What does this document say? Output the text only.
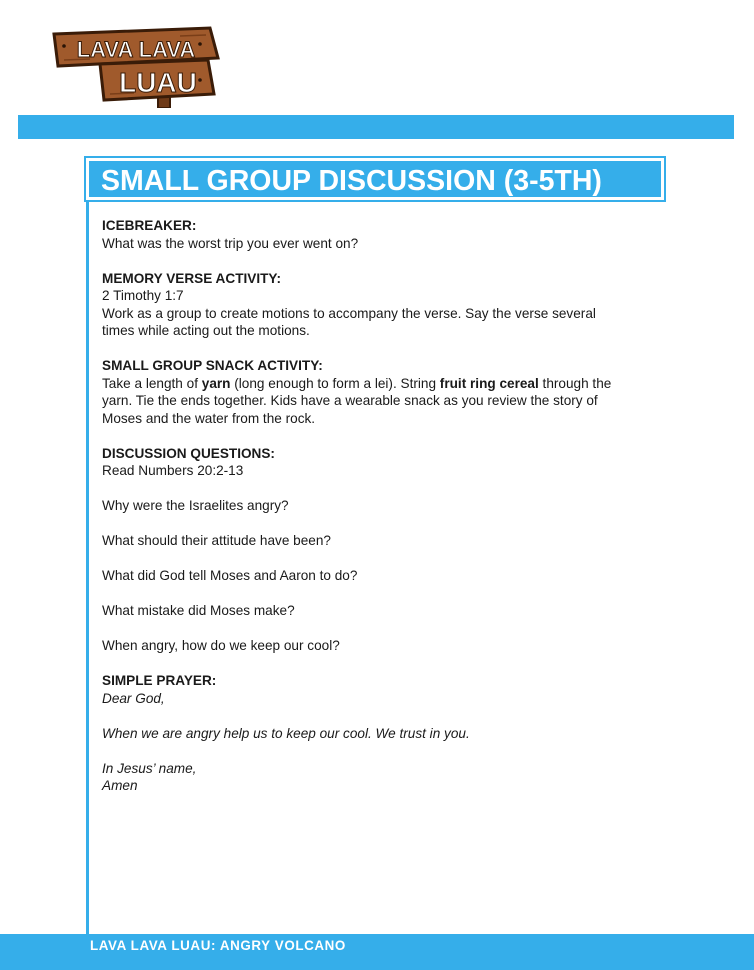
LAVA LAVA
LUAU
SMALL GROUP DISCUSSION (3-5TH)

ICEBREAKER:

What was the worst trip you ever went on?

MEMORY VERSE ACTIVITY:

2 Timothy 1:7

Work as a group to create motions to accompany the verse. Say the verse several

times while acting out the motions.

SMALL GROUP SNACK ACTIVITY:

Take a length of yarn (long enough to form a lei). String fruit ring cereal through the

yarn. Tie the ends together. Kids have a wearable snack as you review the story of

Moses and the water from the rock.

DISCUSSION QUESTIONS:

Read Numbers 20:2-13

Why were the Israelites angry?

What should their attitude have been?

What did God tell Moses and Aaron to do?

What mistake did Moses make?

When angry, how do we keep our cool?

SIMPLE PRAYER:

Dear God,

When we are angry help us to keep our cool. We trust in you.

In Jesus’ name,

Amen

LAVA LAVA LUAU: ANGRY VOLCANO
